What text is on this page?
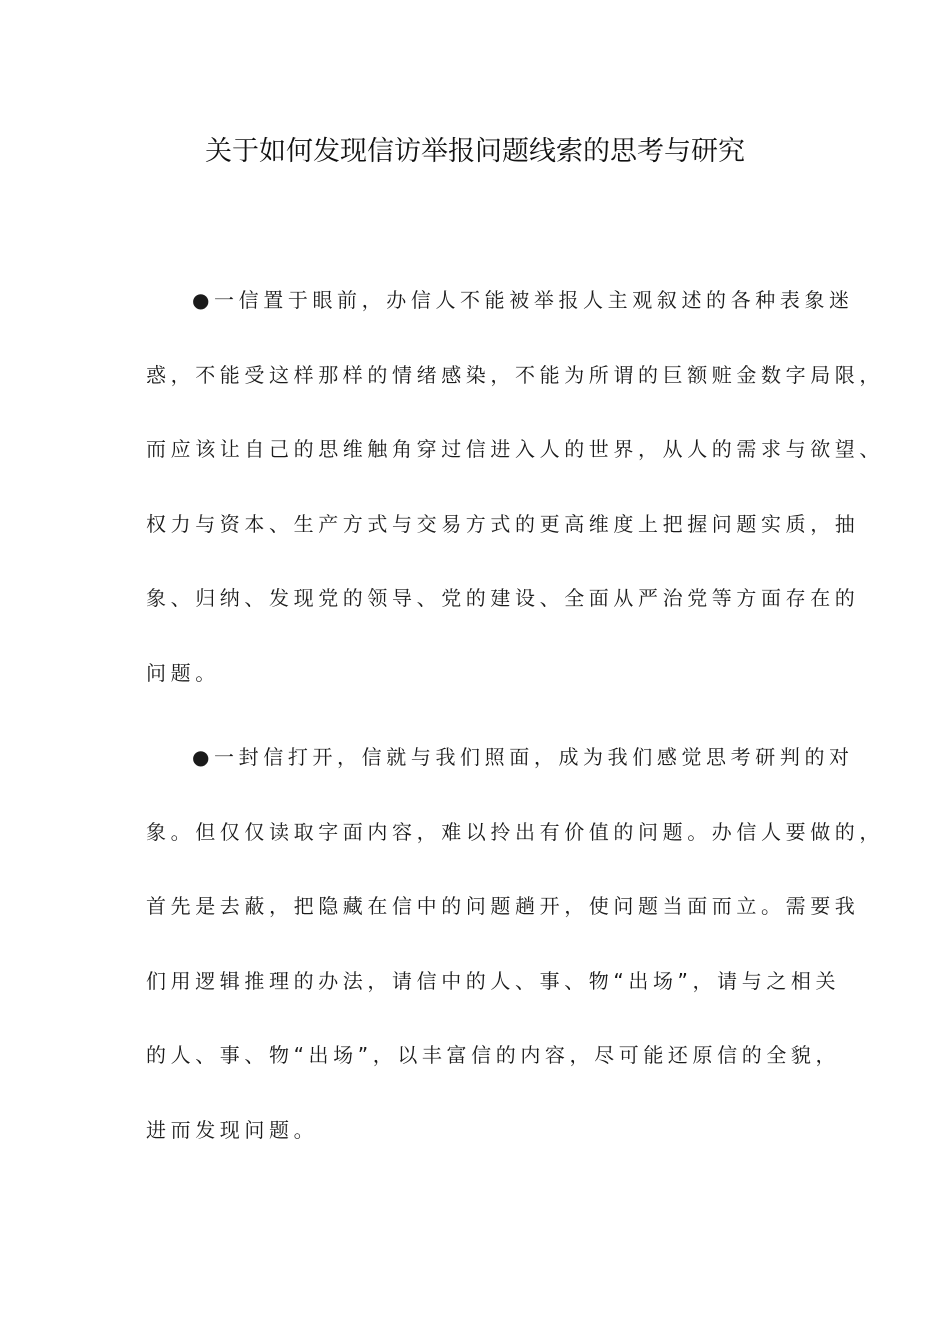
关于如何发现信访举报问题线索的思考与研究
●一信置于眼前，办信人不能被举报人主观叙述的各种表象迷
惑，不能受这样那样的情绪感染，不能为所谓的巨额赃金数字局限，
而应该让自己的思维触角穿过信进入人的世界，从人的需求与欲望、
权力与资本、生产方式与交易方式的更高维度上把握问题实质，抽
象、归纳、发现党的领导、党的建设、全面从严治党等方面存在的
问题。
●一封信打开，信就与我们照面，成为我们感觉思考研判的对
象。但仅仅读取字面内容，难以拎出有价值的问题。办信人要做的，
首先是去蔽，把隐藏在信中的问题趟开，使问题当面而立。需要我
们用逻辑推理的办法，请信中的人、事、物“出场”，请与之相关
的人、事、物“出场”，以丰富信的内容，尽可能还原信的全貌，
进而发现问题。
